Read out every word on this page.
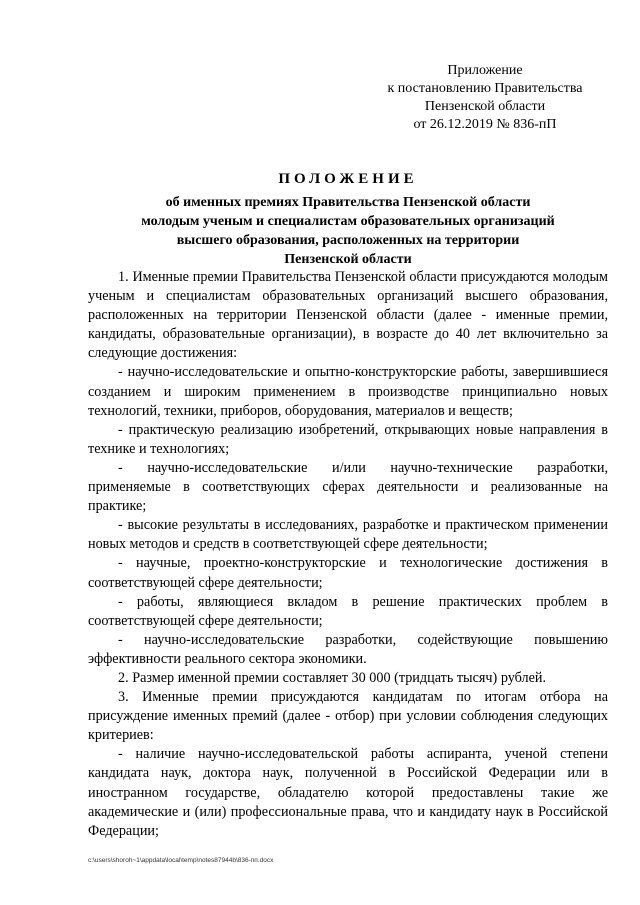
Приложение
к постановлению Правительства
Пензенской области
от 26.12.2019 № 836-пП
ПОЛОЖЕНИЕ
об именных премиях Правительства Пензенской области
молодым ученым и специалистам образовательных организаций
высшего образования, расположенных на территории
Пензенской области

1. Именные премии Правительства Пензенской области присуждаются молодым ученым и специалистам образовательных организаций высшего образования, расположенных на территории Пензенской области (далее - именные премии, кандидаты, образовательные организации), в возрасте до 40 лет включительно за следующие достижения:

- научно-исследовательские и опытно-конструкторские работы, завершившиеся созданием и широким применением в производстве принципиально новых технологий, техники, приборов, оборудования, материалов и веществ;

- практическую реализацию изобретений, открывающих новые направления в технике и технологиях;

- научно-исследовательские и/или научно-технические разработки, применяемые в соответствующих сферах деятельности и реализованные на практике;

- высокие результаты в исследованиях, разработке и практическом применении новых методов и средств в соответствующей сфере деятельности;

- научные, проектно-конструкторские и технологические достижения в соответствующей сфере деятельности;

- работы, являющиеся вкладом в решение практических проблем в соответствующей сфере деятельности;

- научно-исследовательские разработки, содействующие повышению эффективности реального сектора экономики.

2. Размер именной премии составляет 30 000 (тридцать тысяч) рублей.

3. Именные премии присуждаются кандидатам по итогам отбора на присуждение именных премий (далее - отбор) при условии соблюдения следующих критериев:

- наличие научно-исследовательской работы аспиранта, ученой степени кандидата наук, доктора наук, полученной в Российской Федерации или в иностранном государстве, обладателю которой предоставлены такие же академические и (или) профессиональные права, что и кандидату наук в Российской Федерации;

c:\users\shoroh~1\appdata\local\temp\notes87944b\836-пп.docx
